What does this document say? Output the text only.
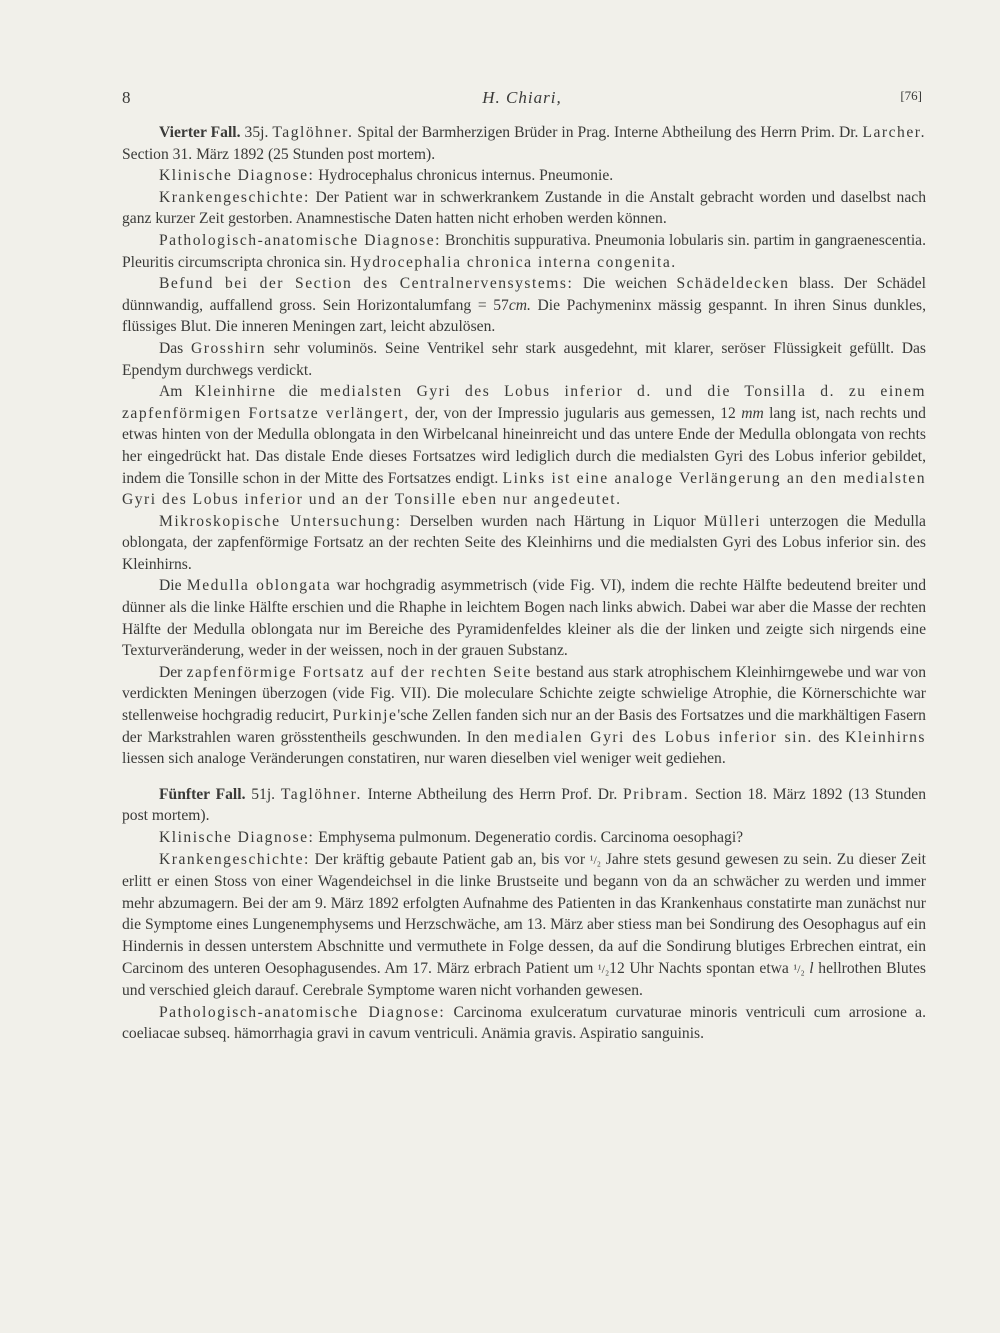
8	H. Chiari,	[76]

Vierter Fall. 35j. Taglöhner. Spital der Barmherzigen Brüder in Prag. Interne Abtheilung des Herrn Prim. Dr. Larcher. Section 31. März 1892 (25 Stunden post mortem).

Klinische Diagnose: Hydrocephalus chronicus internus. Pneumonie.

Krankengeschichte: Der Patient war in schwerkrankem Zustande in die Anstalt gebracht worden und daselbst nach ganz kurzer Zeit gestorben. Anamnestische Daten hatten nicht erhoben werden können.

Pathologisch-anatomische Diagnose: Bronchitis suppurativa. Pneumonia lobularis sin. partim in gangraenescentia. Pleuritis circumscripta chronica sin. Hydrocephalia chronica interna congenita.

Befund bei der Section des Centralnervensystems: Die weichen Schädeldecken blass. Der Schädel dünnwandig, auffallend gross. Sein Horizontalumfang = 57cm. Die Pachymeninx mässig gespannt. In ihren Sinus dunkles, flüssiges Blut. Die inneren Meningen zart, leicht abzulösen.

Das Grosshirn sehr voluminös. Seine Ventrikel sehr stark ausgedehnt, mit klarer, seröser Flüssigkeit gefüllt. Das Ependym durchwegs verdickt.

Am Kleinhirne die medialsten Gyri des Lobus inferior d. und die Tonsilla d. zu einem zapfenförmigen Fortsatze verlängert, der, von der Impressio jugularis aus gemessen, 12 mm lang ist, nach rechts und etwas hinten von der Medulla oblongata in den Wirbelcanal hineinreicht und das untere Ende der Medulla oblongata von rechts her eingedrückt hat. Das distale Ende dieses Fortsatzes wird lediglich durch die medialsten Gyri des Lobus inferior gebildet, indem die Tonsille schon in der Mitte des Fortsatzes endigt. Links ist eine analoge Verlängerung an den medialsten Gyri des Lobus inferior und an der Tonsille eben nur angedeutet.

Mikroskopische Untersuchung: Derselben wurden nach Härtung in Liquor Mülleri unterzogen die Medulla oblongata, der zapfenförmige Fortsatz an der rechten Seite des Kleinhirns und die medialsten Gyri des Lobus inferior sin. des Kleinhirns.

Die Medulla oblongata war hochgradig asymmetrisch (vide Fig. VI), indem die rechte Hälfte bedeutend breiter und dünner als die linke Hälfte erschien und die Rhaphe in leichtem Bogen nach links abwich. Dabei war aber die Masse der rechten Hälfte der Medulla oblongata nur im Bereiche des Pyramidenfeldes kleiner als die der linken und zeigte sich nirgends eine Texturveränderung, weder in der weissen, noch in der grauen Substanz.

Der zapfenförmige Fortsatz auf der rechten Seite bestand aus stark atrophischem Kleinhirngewebe und war von verdickten Meningen überzogen (vide Fig. VII). Die moleculare Schichte zeigte schwielige Atrophie, die Körnerschichte war stellenweise hochgradig reducirt, Purkinje'sche Zellen fanden sich nur an der Basis des Fortsatzes und die markhältigen Fasern der Markstrahlen waren grösstentheils geschwunden. In den medialen Gyri des Lobus inferior sin. des Kleinhirns liessen sich analoge Veränderungen constatiren, nur waren dieselben viel weniger weit gediehen.

Fünfter Fall. 51j. Taglöhner. Interne Abtheilung des Herrn Prof. Dr. Pribram. Section 18. März 1892 (13 Stunden post mortem).

Klinische Diagnose: Emphysema pulmonum. Degeneratio cordis. Carcinoma oesophagi?

Krankengeschichte: Der kräftig gebaute Patient gab an, bis vor ¹/₂ Jahre stets gesund gewesen zu sein. Zu dieser Zeit erlitt er einen Stoss von einer Wagendeichsel in die linke Brustseite und begann von da an schwächer zu werden und immer mehr abzumagern. Bei der am 9. März 1892 erfolgten Aufnahme des Patienten in das Krankenhaus constatirte man zunächst nur die Symptome eines Lungenemphysems und Herzschwäche, am 13. März aber stiess man bei Sondirung des Oesophagus auf ein Hindernis in dessen unterstem Abschnitte und vermuthete in Folge dessen, da auf die Sondirung blutiges Erbrechen eintrat, ein Carcinom des unteren Oesophagusendes. Am 17. März erbrach Patient um ¹/₂12 Uhr Nachts spontan etwa ¹/₂ l hellrothen Blutes und verschied gleich darauf. Cerebrale Symptome waren nicht vorhanden gewesen.

Pathologisch-anatomische Diagnose: Carcinoma exulceratum curvaturae minoris ventriculi cum arrosione a. coeliacae subseq. hämorrhagia gravi in cavum ventriculi. Anämia gravis. Aspiratio sanguinis.
